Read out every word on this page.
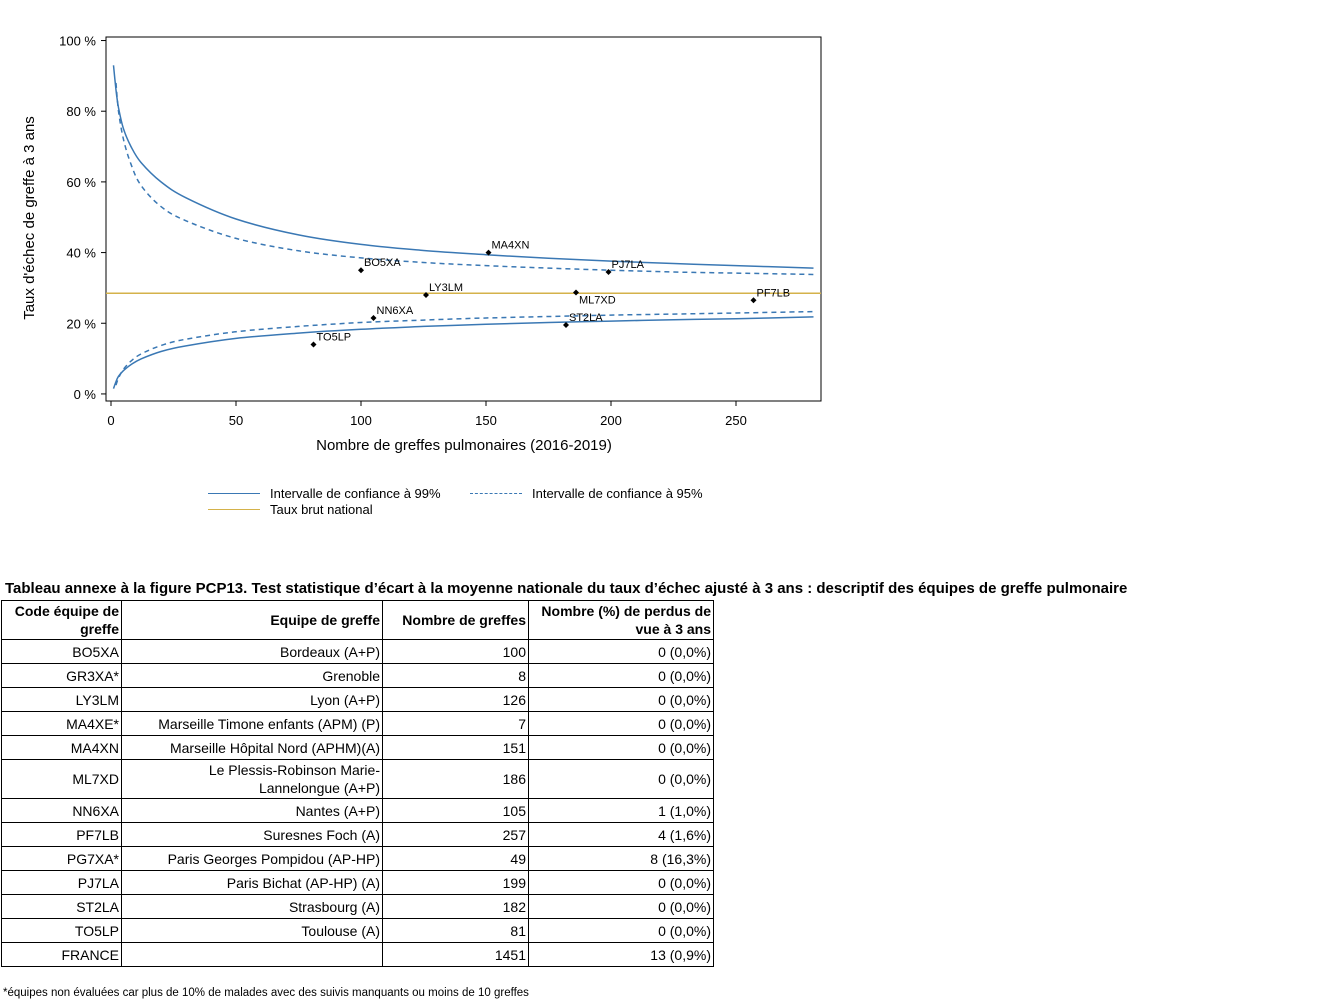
0	50	100	150	200	250
0 %
20 %
40 %
60 %
80 %
100 %
BO5XA
LY3LM
MA4XN
ML7XD
NN6XA
PF7LB
PJ7LA
ST2LA
TO5LP
Taux d'échec de greffe à 3 ans
Nombre de greffes pulmonaires (2016-2019)
Intervalle de confiance à 99%	Intervalle de confiance à 95%
Taux brut national
Tableau annexe à la figure PCP13. Test statistique d’écart à la moyenne nationale du taux d’échec ajusté à 3 ans : descriptif des équipes de greffe pulmonaire
Code équipe de
greffe	Equipe de greffe	Nombre de greffes	Nombre (%) de perdus de
vue à 3 ans
BO5XA	Bordeaux (A+P)	100	0 (0,0%)
GR3XA*	Grenoble	8	0 (0,0%)
LY3LM	Lyon (A+P)	126	0 (0,0%)
MA4XE*	Marseille Timone enfants (APM) (P)	7	0 (0,0%)
MA4XN	Marseille Hôpital Nord (APHM)(A)	151	0 (0,0%)
ML7XD	Le Plessis-Robinson Marie-
Lannelongue (A+P)	186	0 (0,0%)
NN6XA	Nantes (A+P)	105	1 (1,0%)
PF7LB	Suresnes Foch (A)	257	4 (1,6%)
PG7XA*	Paris Georges Pompidou (AP-HP)	49	8 (16,3%)
PJ7LA	Paris Bichat (AP-HP) (A)	199	0 (0,0%)
ST2LA	Strasbourg (A)	182	0 (0,0%)
TO5LP	Toulouse (A)	81	0 (0,0%)
FRANCE		1451	13 (0,9%)
*équipes non évaluées car plus de 10% de malades avec des suivis manquants ou moins de 10 greffes
